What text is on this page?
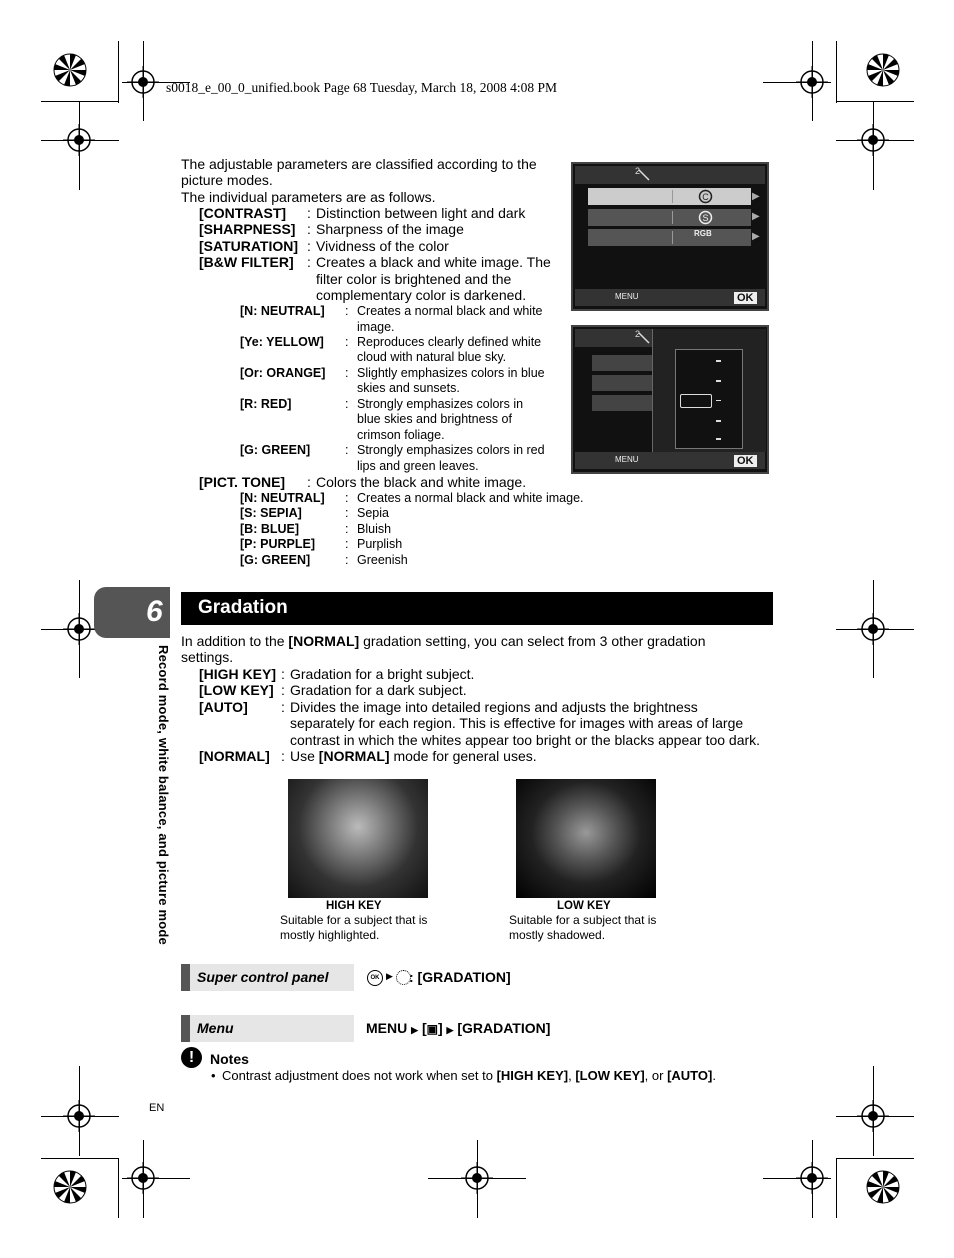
s0018_e_00_0_unified.book Page 68 Tuesday, March 18, 2008 4:08 PM
The adjustable parameters are classified according to the
picture modes.
The individual parameters are as follows.
[CONTRAST] : Distinction between light and dark
[SHARPNESS] : Sharpness of the image
[SATURATION] : Vividness of the color
[B&W FILTER] : Creates a black and white image. The
filter color is brightened and the
complementary color is darkened.
[N: NEUTRAL] : Creates a normal black and white
image.
[Ye: YELLOW] : Reproduces clearly defined white
cloud with natural blue sky.
[Or: ORANGE] : Slightly emphasizes colors in blue
skies and sunsets.
[R: RED]	: Strongly emphasizes colors in
blue skies and brightness of
crimson foliage.
[G: GREEN]	: Strongly emphasizes colors in red
lips and green leaves.
[PICT. TONE] : Colors the black and white image.
[N: NEUTRAL] : Creates a normal black and white image.
[S: SEPIA]	: Sepia
[B: BLUE]	: Bluish
[P: PURPLE] : Purplish
[G: GREEN]	: Greenish
2
C
S
RGB
▶
▶
▶
MENU	OK
2
MENU	OK
6
Record mode, white balance, and picture mode
Gradation
In addition to the [NORMAL] gradation setting, you can select from 3 other gradation
settings.
[HIGH KEY] : Gradation for a bright subject.
[LOW KEY] : Gradation for a dark subject.
[AUTO] : Divides the image into detailed regions and adjusts the brightness
separately for each region. This is effective for images with areas of large
contrast in which the whites appear too bright or the blacks appear too dark.
[NORMAL] : Use [NORMAL] mode for general uses.
HIGH KEY
Suitable for a subject that is
mostly highlighted.
LOW KEY
Suitable for a subject that is
mostly shadowed.
Super control panel	OK ▶ : [GRADATION]
Menu	MENU ▶ [▣] ▶ [GRADATION]
!	Notes
• Contrast adjustment does not work when set to [HIGH KEY], [LOW KEY], or [AUTO].
EN
